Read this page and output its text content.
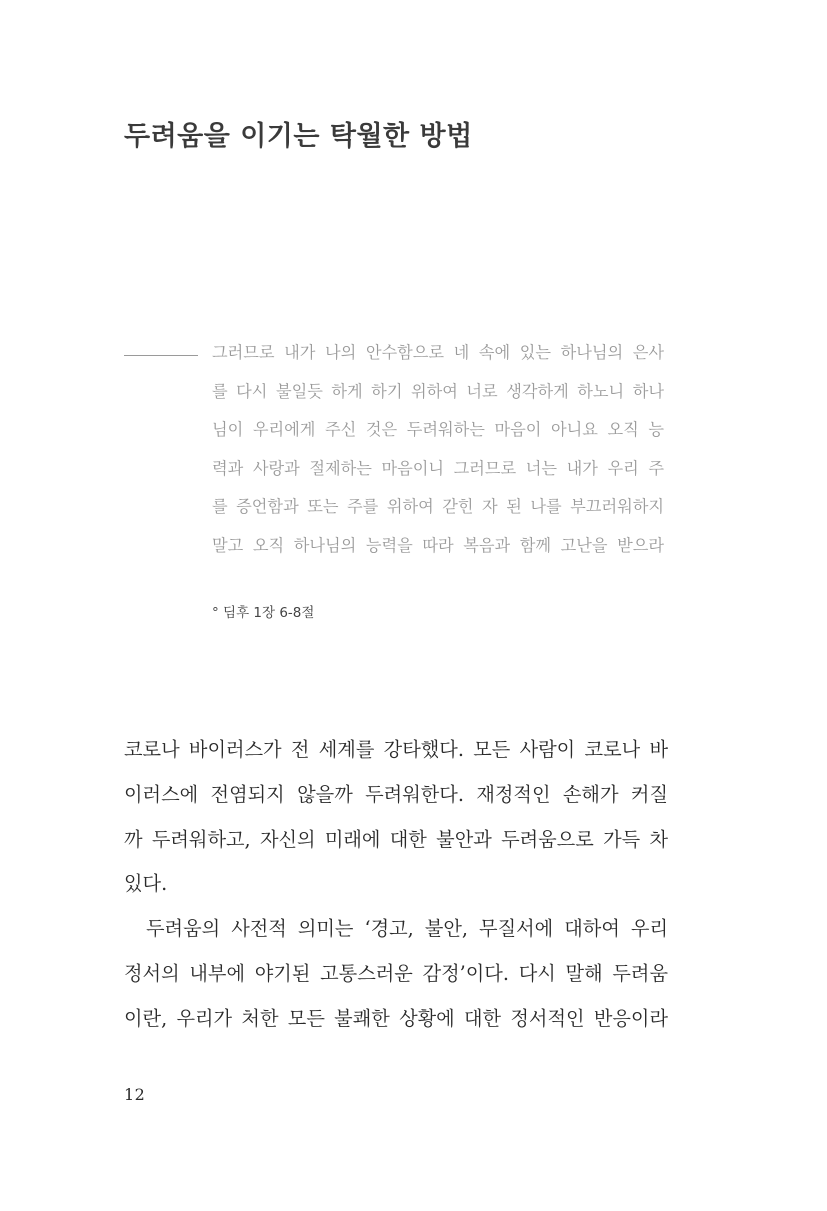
두려움을 이기는 탁월한 방법
그러므로 내가 나의 안수함으로 네 속에 있는 하나님의 은사
를 다시 불일듯 하게 하기 위하여 너로 생각하게 하노니 하나
님이 우리에게 주신 것은 두려워하는 마음이 아니요 오직 능
력과 사랑과 절제하는 마음이니 그러므로 너는 내가 우리 주
를 증언함과 또는 주를 위하여 갇힌 자 된 나를 부끄러워하지
말고 오직 하나님의 능력을 따라 복음과 함께 고난을 받으라

° 딤후 1장 6-8절

코로나 바이러스가 전 세계를 강타했다. 모든 사람이 코로나 바
이러스에 전염되지 않을까 두려워한다. 재정적인 손해가 커질
까 두려워하고, 자신의 미래에 대한 불안과 두려움으로 가득 차
있다.
두려움의 사전적 의미는 ‘경고, 불안, 무질서에 대하여 우리
정서의 내부에 야기된 고통스러운 감정’이다. 다시 말해 두려움
이란, 우리가 처한 모든 불쾌한 상황에 대한 정서적인 반응이라

12
